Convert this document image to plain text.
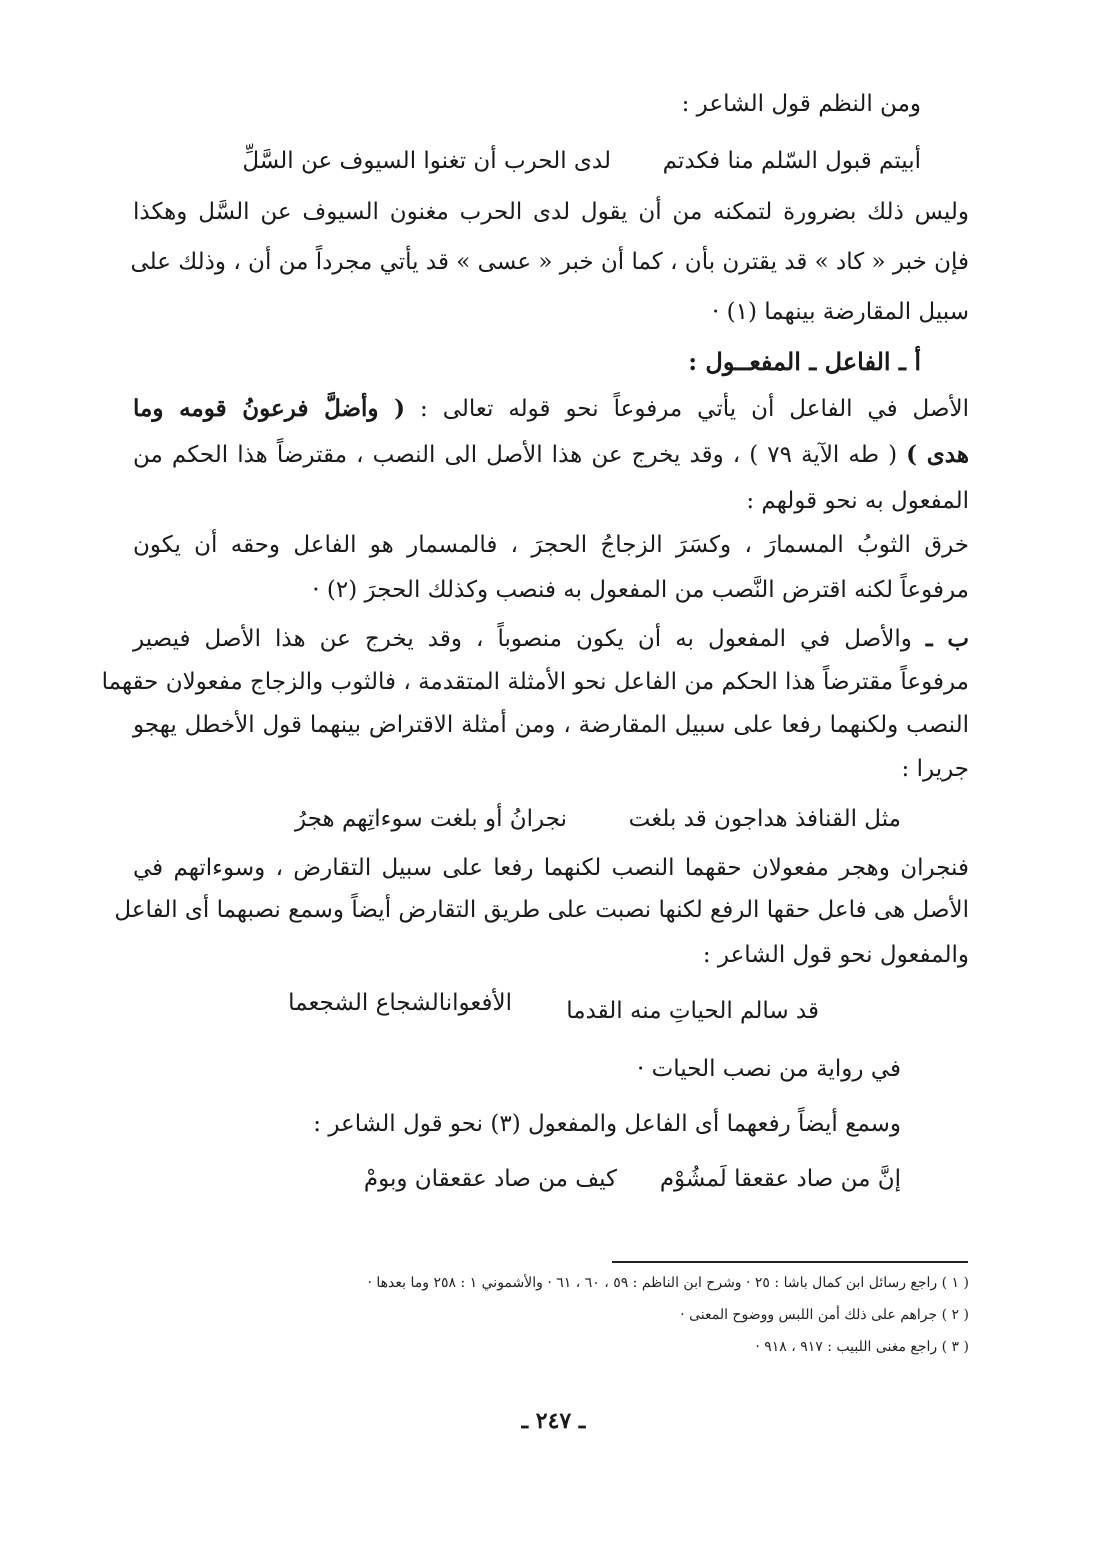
ومن النظم قول الشاعر :
أبيتم قبول السّلم منا فكدتم
لدى الحرب أن تغنوا السيوف عن السَّلِّ
وليس ذلك بضرورة لتمكنه من أن يقول لدى الحرب مغنون السيوف عن السَّل وهكذا
فإن خبر « كاد » قد يقترن بأن ، كما أن خبر « عسى » قد يأتي مجرداً من أن ، وذلك على
سبيل المقارضة بينهما (١) ·
أ ـ الفاعل ـ المفعــول :
الأصل في الفاعل أن يأتي مرفوعاً نحو قوله تعالى : ( وأضلَّ فرعونُ قومه وما
هدى ) ( طه الآية ٧٩ ) ، وقد يخرج عن هذا الأصل الى النصب ، مقترضاً هذا الحكم من
المفعول به نحو قولهم :
خرق الثوبُ المسمارَ ، وكسَرَ الزجاجُ الحجرَ ، فالمسمار هو الفاعل وحقه أن يكون
مرفوعاً لكنه اقترض النَّصب من المفعول به فنصب وكذلك الحجرَ (٢) ·
ب ـ والأصل في المفعول به أن يكون منصوباً ، وقد يخرج عن هذا الأصل فيصير
مرفوعاً مقترضاً هذا الحكم من الفاعل نحو الأمثلة المتقدمة ، فالثوب والزجاج مفعولان حقهما
النصب ولكنهما رفعا على سبيل المقارضة ، ومن أمثلة الاقتراض بينهما قول الأخطل يهجو
جريرا :
مثل القنافذ هداجون قد بلغت
نجرانُ أو بلغت سوءاتِهم هجرُ
فنجران وهجر مفعولان حقهما النصب لكنهما رفعا على سبيل التقارض ، وسوءاتهم في
الأصل هى فاعل حقها الرفع لكنها نصبت على طريق التقارض أيضاً وسمع نصبهما أى الفاعل
والمفعول نحو قول الشاعر :
قد سالم الحياتِ منه القدما
الأفعوانالشجاع الشجعما
في رواية من نصب الحيات ·
وسمع أيضاً رفعهما أى الفاعل والمفعول (٣) نحو قول الشاعر :
إنَّ من صاد عقعقا لَمشُوْم
كيف من صاد عقعقان وبومْ
( ١ ) راجع رسائل ابن كمال باشا : ٢٥ · وشرح ابن الناظم : ٥٩ ، ٦٠ ، ٦١ · والأشموني ١ : ٢٥٨ وما بعدها ·
( ٢ ) جراهم على ذلك أمن اللبس ووضوح المعنى ·
( ٣ ) راجع مغنى اللبيب : ٩١٧ ، ٩١٨ ·
ـ ٢٤٧ ـ
